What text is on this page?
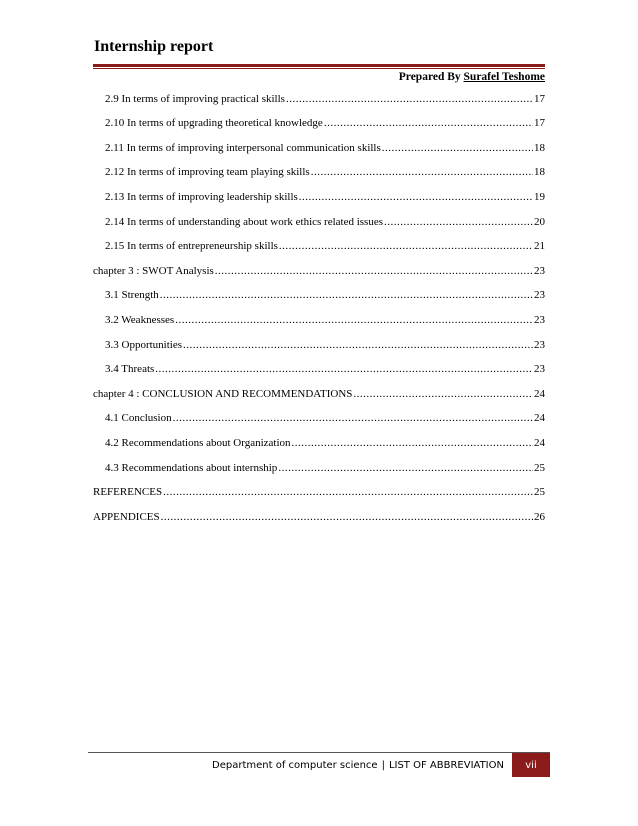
Internship report
Prepared By Surafel Teshome
2.9 In terms of improving practical skills .....	17
2.10 In terms of upgrading theoretical knowledge .....	17
2.11 In terms of improving interpersonal communication skills .....	18
2.12 In terms of improving team playing skills .....	18
2.13 In terms of improving leadership skills .....	19
2.14 In terms of understanding about work ethics related issues .....	20
2.15 In terms of entrepreneurship skills .....	21
chapter 3 : SWOT Analysis .....	23
3.1 Strength .....	23
3.2 Weaknesses .....	23
3.3 Opportunities .....	23
3.4 Threats .....	23
chapter 4 : CONCLUSION AND RECOMMENDATIONS .....	24
4.1 Conclusion .....	24
4.2 Recommendations about Organization .....	24
4.3 Recommendations about internship .....	25
REFERENCES .....	25
APPENDICES .....	26
Department of computer science | LIST OF ABBREVIATION	vii
